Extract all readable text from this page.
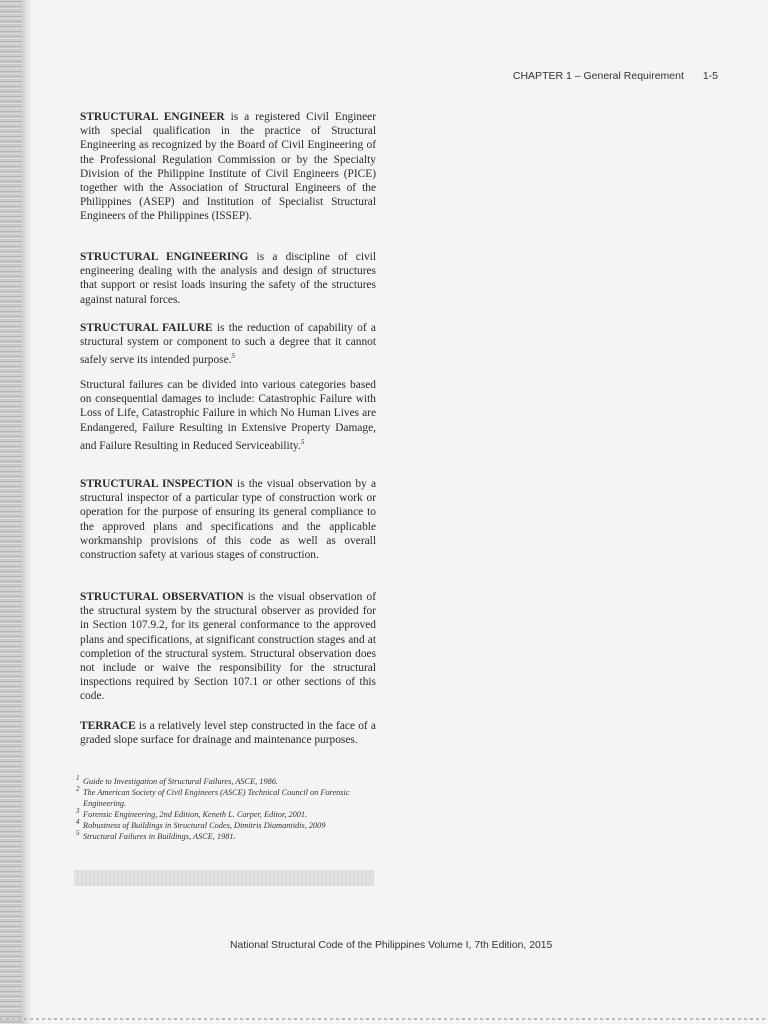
CHAPTER 1 – General Requirement 1-5

STRUCTURAL ENGINEER is a registered Civil Engineer with special qualification in the practice of Structural Engineering as recognized by the Board of Civil Engineering of the Professional Regulation Commission or by the Specialty Division of the Philippine Institute of Civil Engineers (PICE) together with the Association of Structural Engineers of the Philippines (ASEP) and Institution of Specialist Structural Engineers of the Philippines (ISSEP).

STRUCTURAL ENGINEERING is a discipline of civil engineering dealing with the analysis and design of structures that support or resist loads insuring the safety of the structures against natural forces.

STRUCTURAL FAILURE is the reduction of capability of a structural system or component to such a degree that it cannot safely serve its intended purpose.$^5$

Structural failures can be divided into various categories based on consequential damages to include: Catastrophic Failure with Loss of Life, Catastrophic Failure in which No Human Lives are Endangered, Failure Resulting in Extensive Property Damage, and Failure Resulting in Reduced Serviceability.$^5$

STRUCTURAL INSPECTION is the visual observation by a structural inspector of a particular type of construction work or operation for the purpose of ensuring its general compliance to the approved plans and specifications and the applicable workmanship provisions of this code as well as overall construction safety at various stages of construction.

STRUCTURAL OBSERVATION is the visual observation of the structural system by the structural observer as provided for in Section 107.9.2, for its general conformance to the approved plans and specifications, at significant construction stages and at completion of the structural system. Structural observation does not include or waive the responsibility for the structural inspections required by Section 107.1 or other sections of this code.

TERRACE is a relatively level step constructed in the face of a graded slope surface for drainage and maintenance purposes.

1 Guide to Investigation of Structural Failures, ASCE, 1986.
2 The American Society of Civil Engineers (ASCE) Technical Council on Forensic Engineering.
3 Forensic Engineering, 2nd Edition, Keneth L. Carper, Editor, 2001.
4 Robustness of Buildings in Structural Codes, Dimitris Diamantidis, 2009
5 Structural Failures in Buildings, ASCE, 1981.
National Structural Code of the Philippines Volume I, 7th Edition, 2015
